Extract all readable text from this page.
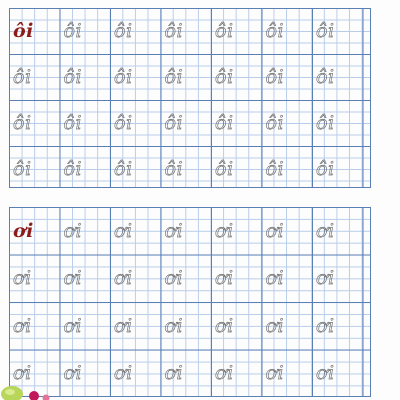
ôi ôi ôi ôi ôi ôi ôi
ôi ôi ôi ôi ôi ôi ôi
ôi ôi ôi ôi ôi ôi ôi
ôi ôi ôi ôi ôi ôi ôi
ơi ơi ơi ơi ơi ơi ơi
ơi ơi ơi ơi ơi ơi ơi
ơi ơi ơi ơi ơi ơi ơi
ơi ơi ơi ơi ơi ơi ơi
